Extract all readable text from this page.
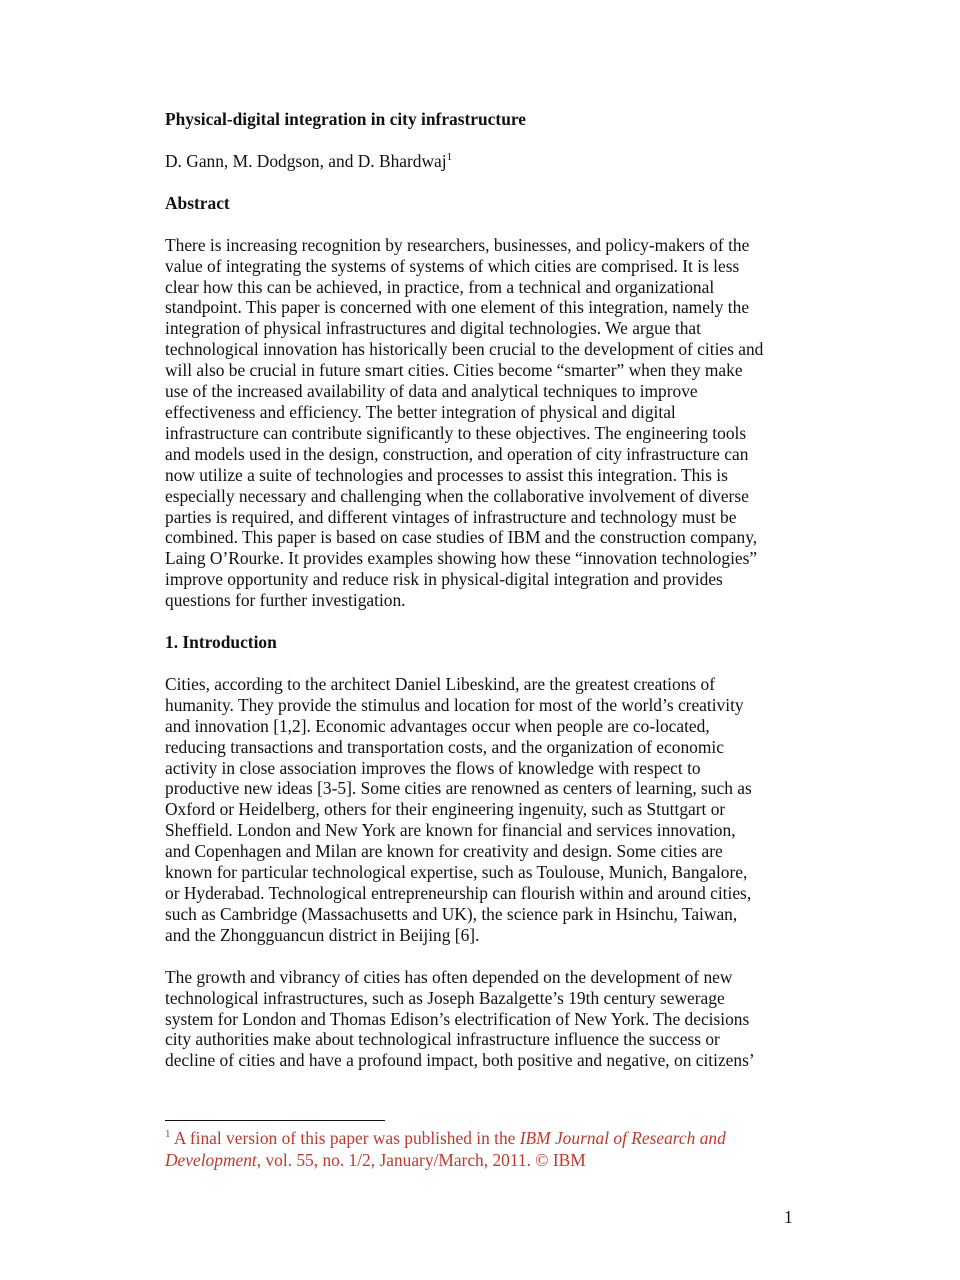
Physical-digital integration in city infrastructure

D. Gann, M. Dodgson, and D. Bhardwaj$^1$

Abstract

There is increasing recognition by researchers, businesses, and policy-makers of the
value of integrating the systems of systems of which cities are comprised. It is less
clear how this can be achieved, in practice, from a technical and organizational
standpoint. This paper is concerned with one element of this integration, namely the
integration of physical infrastructures and digital technologies. We argue that
technological innovation has historically been crucial to the development of cities and
will also be crucial in future smart cities. Cities become “smarter” when they make
use of the increased availability of data and analytical techniques to improve
effectiveness and efficiency. The better integration of physical and digital
infrastructure can contribute significantly to these objectives. The engineering tools
and models used in the design, construction, and operation of city infrastructure can
now utilize a suite of technologies and processes to assist this integration. This is
especially necessary and challenging when the collaborative involvement of diverse
parties is required, and different vintages of infrastructure and technology must be
combined. This paper is based on case studies of IBM and the construction company,
Laing O’Rourke. It provides examples showing how these “innovation technologies”
improve opportunity and reduce risk in physical-digital integration and provides
questions for further investigation.

1. Introduction

Cities, according to the architect Daniel Libeskind, are the greatest creations of
humanity. They provide the stimulus and location for most of the world’s creativity
and innovation [1,2]. Economic advantages occur when people are co-located,
reducing transactions and transportation costs, and the organization of economic
activity in close association improves the flows of knowledge with respect to
productive new ideas [3-5]. Some cities are renowned as centers of learning, such as
Oxford or Heidelberg, others for their engineering ingenuity, such as Stuttgart or
Sheffield. London and New York are known for financial and services innovation,
and Copenhagen and Milan are known for creativity and design. Some cities are
known for particular technological expertise, such as Toulouse, Munich, Bangalore,
or Hyderabad. Technological entrepreneurship can flourish within and around cities,
such as Cambridge (Massachusetts and UK), the science park in Hsinchu, Taiwan,
and the Zhongguancun district in Beijing [6].
The growth and vibrancy of cities has often depended on the development of new
technological infrastructures, such as Joseph Bazalgette’s 19th century sewerage
system for London and Thomas Edison’s electrification of New York. The decisions
city authorities make about technological infrastructure influence the success or
decline of cities and have a profound impact, both positive and negative, on citizens’
$^1$ A final version of this paper was published in the IBM Journal of Research and
Development, vol. 55, no. 1/2, January/March, 2011. © IBM
1
